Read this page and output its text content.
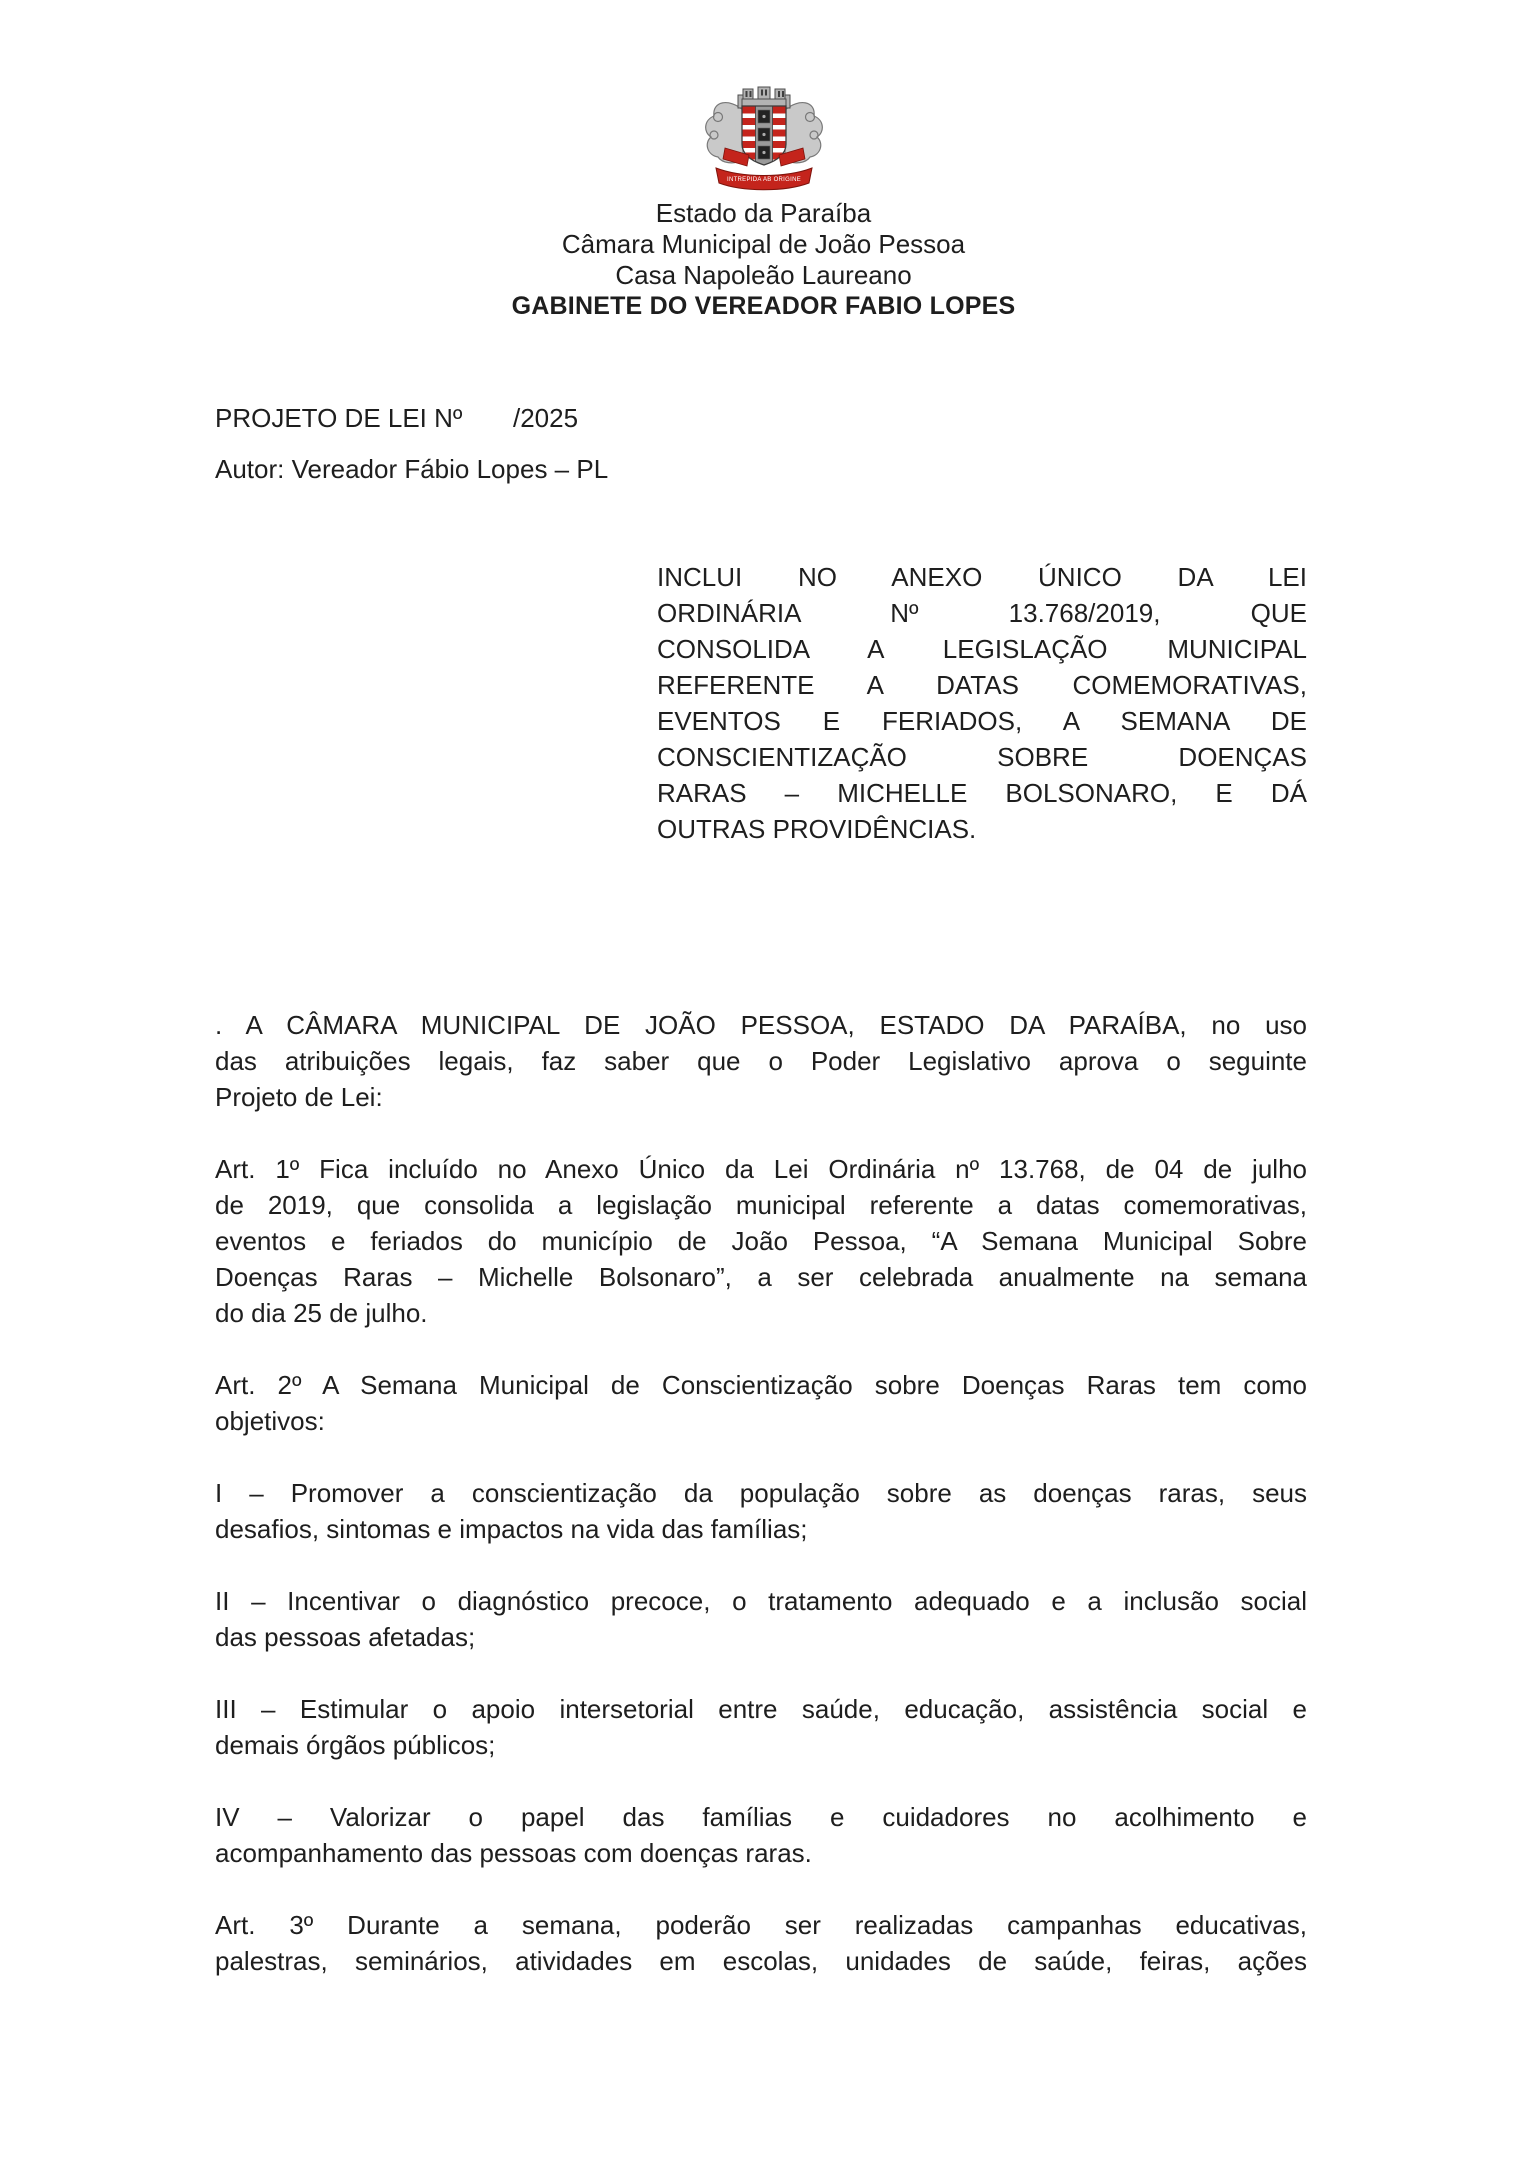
INTREPIDA AB ORIGINE
Estado da Paraíba
Câmara Municipal de João Pessoa
Casa Napoleão Laureano
GABINETE DO VEREADOR FABIO LOPES
PROJETO DE LEI Nº       /2025
Autor: Vereador Fábio Lopes – PL
INCLUI NO ANEXO ÚNICO DA LEI
ORDINÁRIA Nº 13.768/2019, QUE
CONSOLIDA A LEGISLAÇÃO MUNICIPAL
REFERENTE A DATAS COMEMORATIVAS,
EVENTOS E FERIADOS, A SEMANA DE
CONSCIENTIZAÇÃO SOBRE DOENÇAS
RARAS – MICHELLE BOLSONARO, E DÁ
OUTRAS PROVIDÊNCIAS.
. A CÂMARA MUNICIPAL DE JOÃO PESSOA, ESTADO DA PARAÍBA, no uso
das atribuições legais, faz saber que o Poder Legislativo aprova o seguinte
Projeto de Lei:
Art. 1º Fica incluído no Anexo Único da Lei Ordinária nº 13.768, de 04 de julho
de 2019, que consolida a legislação municipal referente a datas comemorativas,
eventos e feriados do município de João Pessoa, “A Semana Municipal Sobre
Doenças Raras – Michelle Bolsonaro”, a ser celebrada anualmente na semana
do dia 25 de julho.
Art. 2º A Semana Municipal de Conscientização sobre Doenças Raras tem como
objetivos:
I – Promover a conscientização da população sobre as doenças raras, seus
desafios, sintomas e impactos na vida das famílias;
II – Incentivar o diagnóstico precoce, o tratamento adequado e a inclusão social
das pessoas afetadas;
III – Estimular o apoio intersetorial entre saúde, educação, assistência social e
demais órgãos públicos;
IV – Valorizar o papel das famílias e cuidadores no acolhimento e
acompanhamento das pessoas com doenças raras.
Art. 3º Durante a semana, poderão ser realizadas campanhas educativas,
palestras, seminários, atividades em escolas, unidades de saúde, feiras, ações
